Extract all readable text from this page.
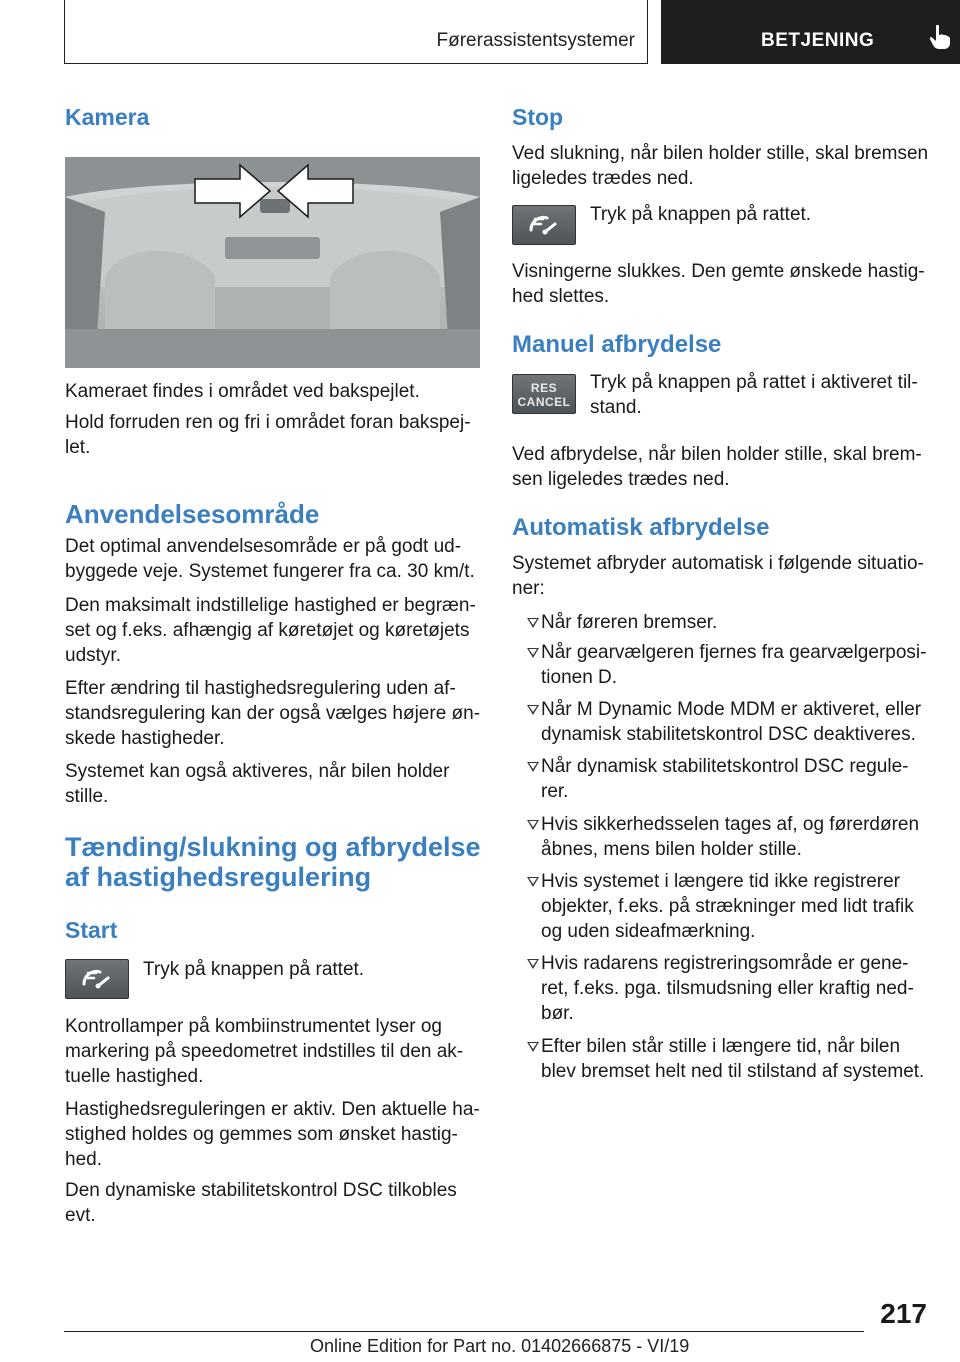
Førerassistentsystemer	BETJENING
Kamera
Kameraet findes i området ved bakspejlet.
Hold forruden ren og fri i området foran bakspej-
let.
Anvendelsesområde
Det optimal anvendelsesområde er på godt ud-
byggede veje. Systemet fungerer fra ca. 30 km/t.
Den maksimalt indstillelige hastighed er begræn-
set og f.eks. afhængig af køretøjet og køretøjets
udstyr.
Efter ændring til hastighedsregulering uden af-
standsregulering kan der også vælges højere øn-
skede hastigheder.
Systemet kan også aktiveres, når bilen holder
stille.
Tænding/slukning og afbrydelse
af hastighedsregulering
Start
Tryk på knappen på rattet.
Kontrollamper på kombiinstrumentet lyser og
markering på speedometret indstilles til den ak-
tuelle hastighed.
Hastighedsreguleringen er aktiv. Den aktuelle ha-
stighed holdes og gemmes som ønsket hastig-
hed.
Den dynamiske stabilitetskontrol DSC tilkobles
evt.
Stop
Ved slukning, når bilen holder stille, skal bremsen
ligeledes trædes ned.
Tryk på knappen på rattet.
Visningerne slukkes. Den gemte ønskede hastig-
hed slettes.
Manuel afbrydelse
RES
CANCEL
Tryk på knappen på rattet i aktiveret til-
stand.
Ved afbrydelse, når bilen holder stille, skal brem-
sen ligeledes trædes ned.
Automatisk afbrydelse
Systemet afbryder automatisk i følgende situatio-
ner:
Når føreren bremser.
Når gearvælgeren fjernes fra gearvælgerposi-
tionen D.
Når M Dynamic Mode MDM er aktiveret, eller
dynamisk stabilitetskontrol DSC deaktiveres.
Når dynamisk stabilitetskontrol DSC regule-
rer.
Hvis sikkerhedsselen tages af, og førerdøren
åbnes, mens bilen holder stille.
Hvis systemet i længere tid ikke registrerer
objekter, f.eks. på strækninger med lidt trafik
og uden sideafmærkning.
Hvis radarens registreringsområde er gene-
ret, f.eks. pga. tilsmudsning eller kraftig ned-
bør.
Efter bilen står stille i længere tid, når bilen
blev bremset helt ned til stilstand af systemet.
217
Online Edition for Part no. 01402666875 - VI/19
